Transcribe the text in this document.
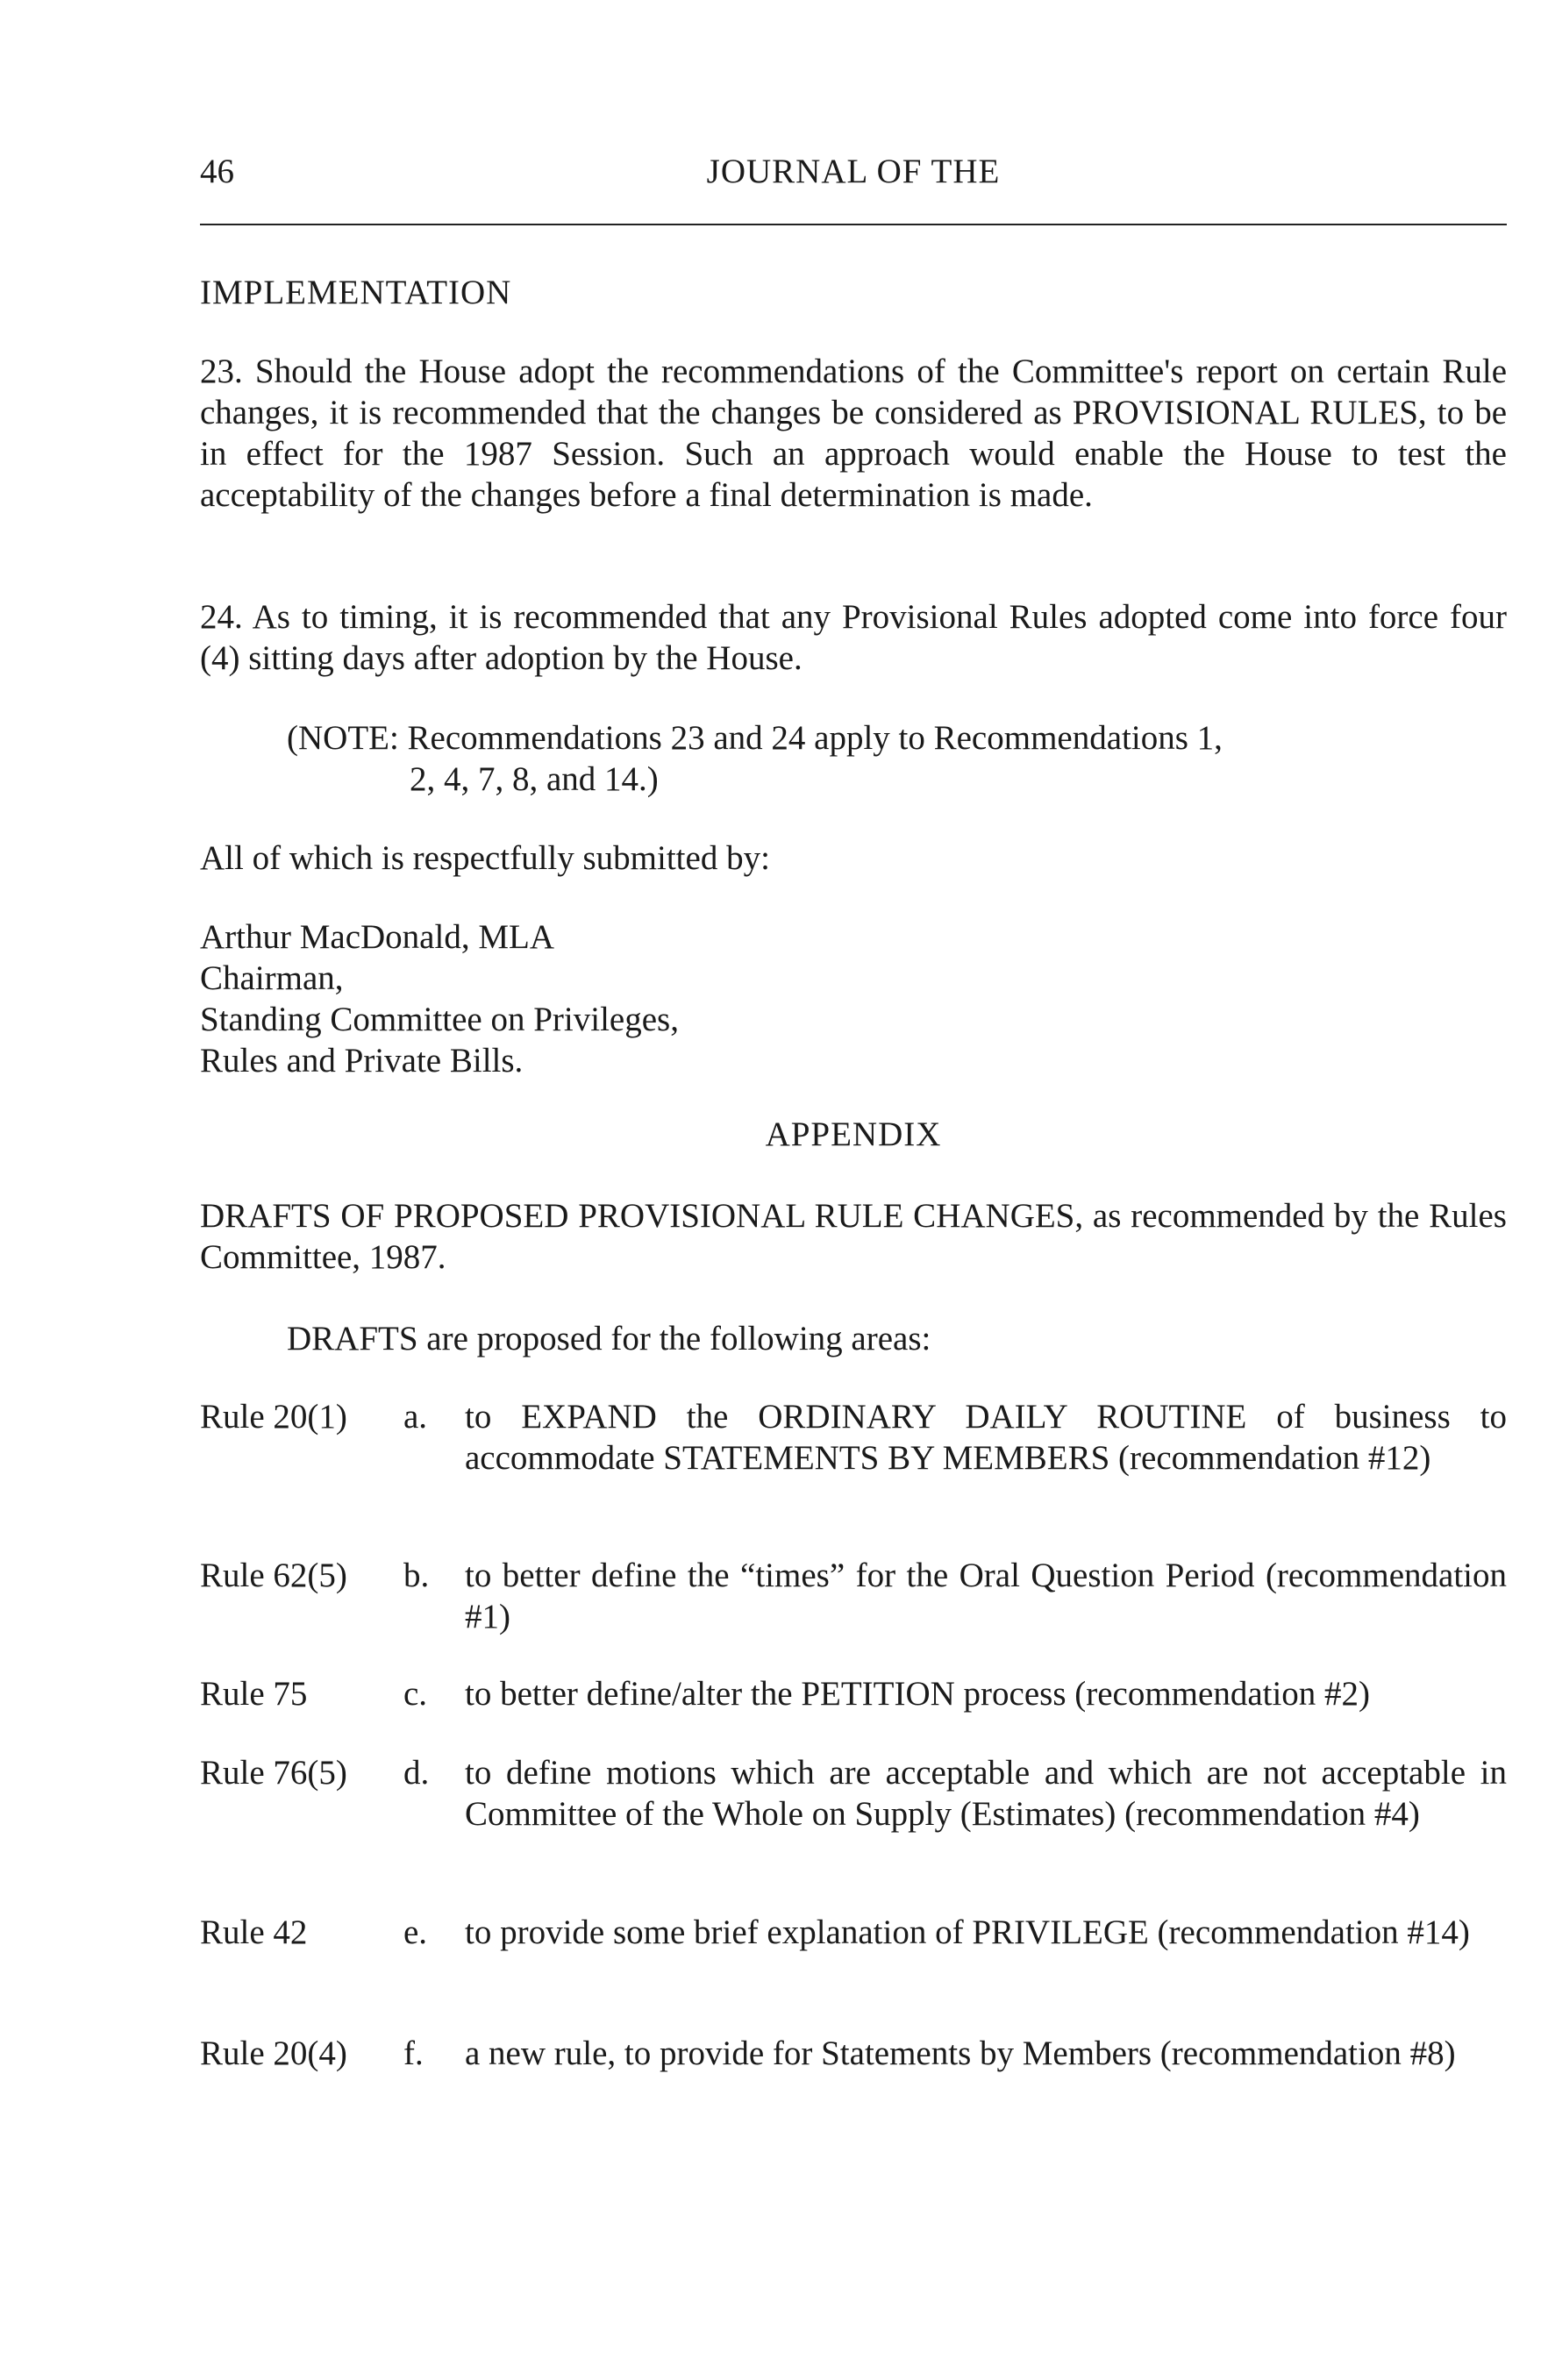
46	JOURNAL OF THE

IMPLEMENTATION

23. Should the House adopt the recommendations of the Committee's report on certain Rule changes, it is recommended that the changes be considered as PROVISIONAL RULES, to be in effect for the 1987 Session. Such an approach would enable the House to test the acceptability of the changes before a final determination is made.

24. As to timing, it is recommended that any Provisional Rules adopted come into force four (4) sitting days after adoption by the House.

(NOTE: Recommendations 23 and 24 apply to Recommendations 1,
2, 4, 7, 8, and 14.)

All of which is respectfully submitted by:

Arthur MacDonald, MLA
Chairman,
Standing Committee on Privileges,
Rules and Private Bills.

APPENDIX

DRAFTS OF PROPOSED PROVISIONAL RULE CHANGES, as recommended by the Rules Committee, 1987.

DRAFTS are proposed for the following areas:

Rule 20(1)	a.	to EXPAND the ORDINARY DAILY ROUTINE of business to accommodate STATEMENTS BY MEMBERS (recommendation #12)
Rule 62(5)	b.	to better define the “times” for the Oral Question Period (recommendation #1)
Rule 75	c.	to better define/alter the PETITION process (recommendation #2)
Rule 76(5)	d.	to define motions which are acceptable and which are not acceptable in Committee of the Whole on Supply (Estimates) (recommendation #4)
Rule 42	e.	to provide some brief explanation of PRIVILEGE (recommendation #14)
Rule 20(4)	f.	a new rule, to provide for Statements by Members (recommendation #8)
